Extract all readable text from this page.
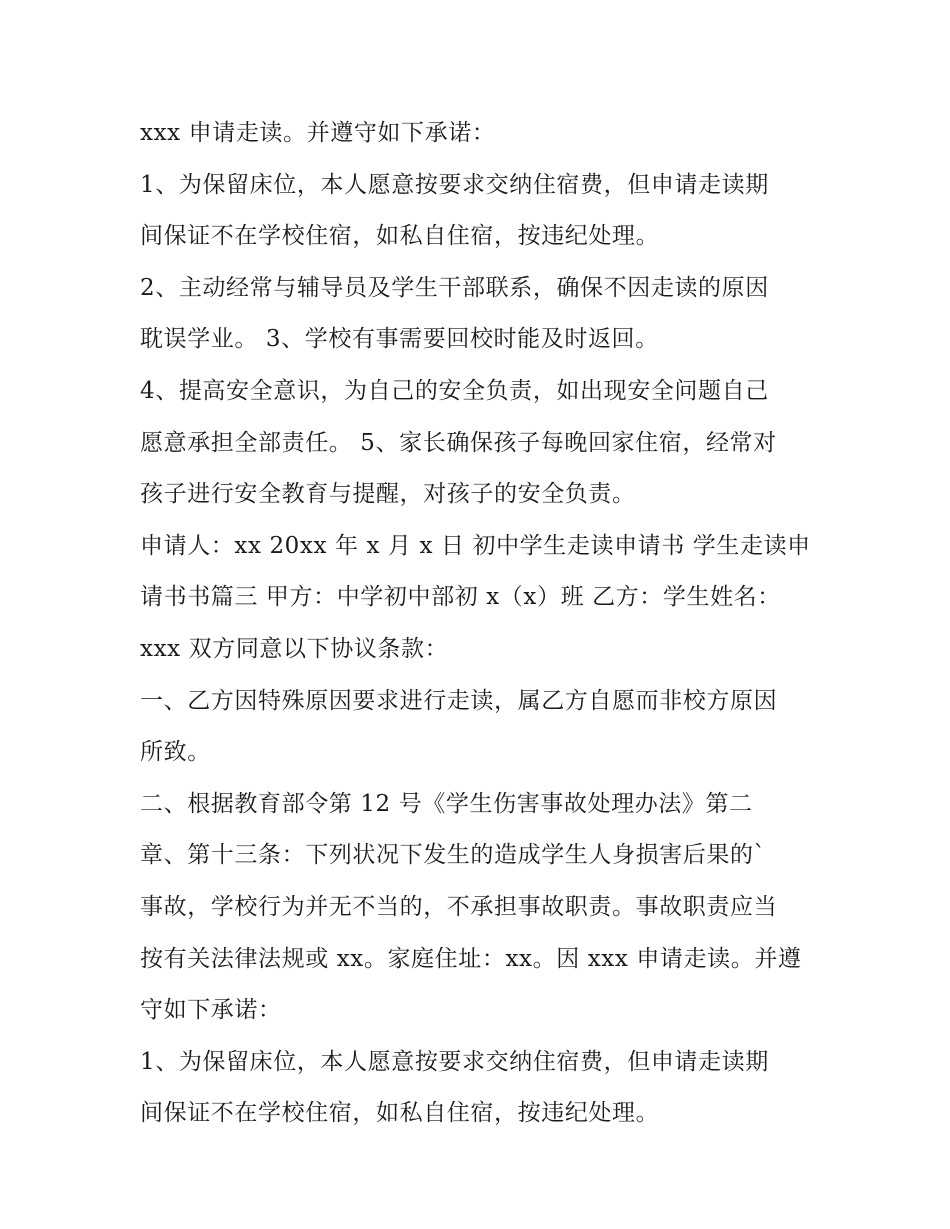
xxx 申请走读。并遵守如下承诺：
1、为保留床位，本人愿意按要求交纳住宿费，但申请走读期
间保证不在学校住宿，如私自住宿，按违纪处理。
2、主动经常与辅导员及学生干部联系，确保不因走读的原因
耽误学业。 3、学校有事需要回校时能及时返回。
4、提高安全意识，为自己的安全负责，如出现安全问题自己
愿意承担全部责任。 5、家长确保孩子每晚回家住宿，经常对
孩子进行安全教育与提醒，对孩子的安全负责。
申请人：xx 20xx 年 x 月 x 日 初中学生走读申请书 学生走读申
请书书篇三 甲方：中学初中部初 x（x）班 乙方：学生姓名：
xxx 双方同意以下协议条款：
一、乙方因特殊原因要求进行走读，属乙方自愿而非校方原因
所致。
二、根据教育部令第 12 号《学生伤害事故处理办法》第二
章、第十三条：下列状况下发生的造成学生人身损害后果的`
事故，学校行为并无不当的，不承担事故职责。事故职责应当
按有关法律法规或 xx。家庭住址：xx。因 xxx 申请走读。并遵
守如下承诺：
1、为保留床位，本人愿意按要求交纳住宿费，但申请走读期
间保证不在学校住宿，如私自住宿，按违纪处理。
